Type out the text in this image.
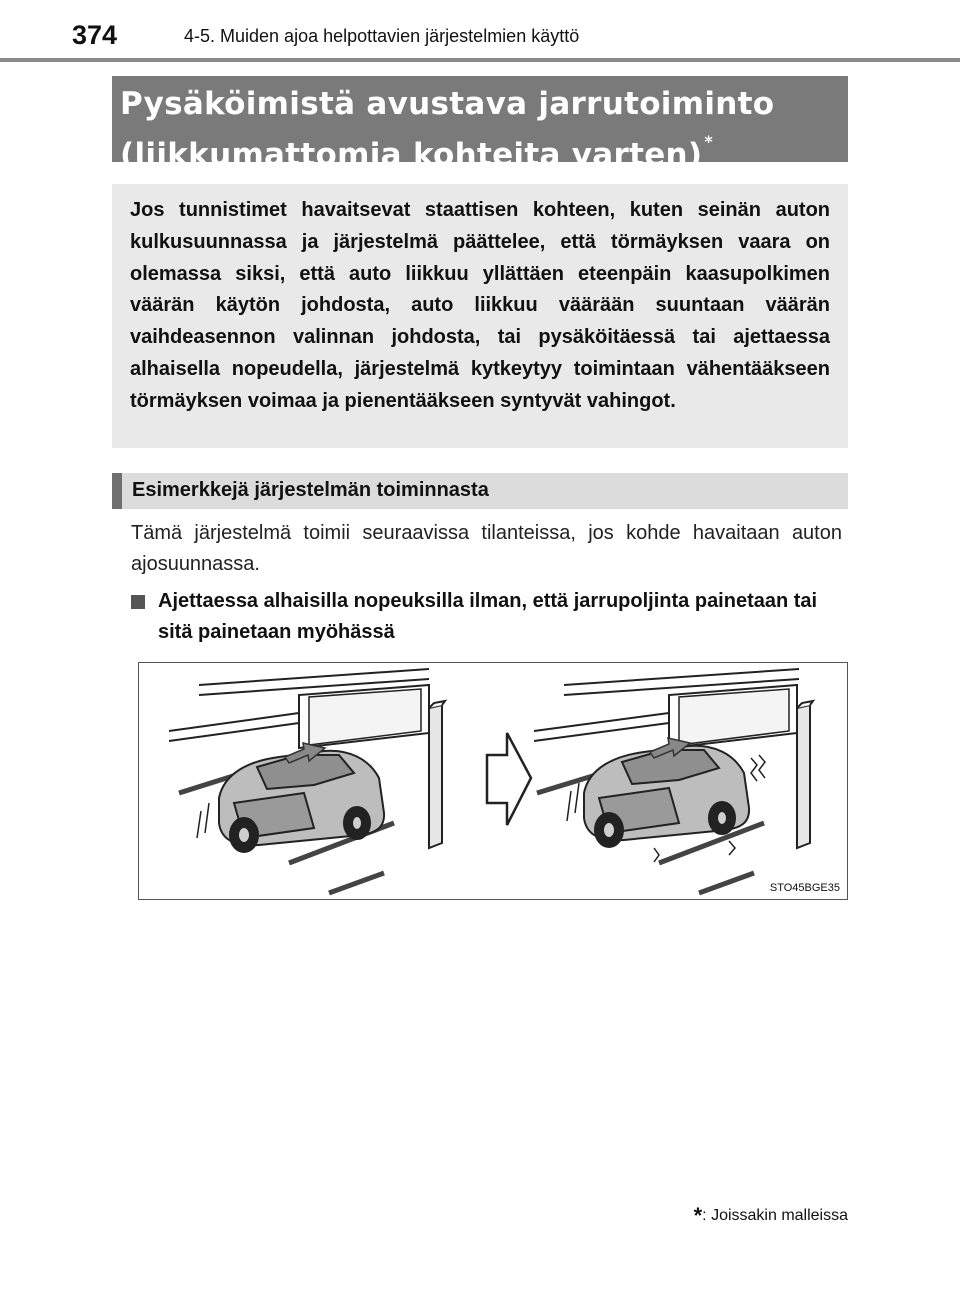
374	4-5. Muiden ajoa helpottavien järjestelmien käyttö
Pysäköimistä avustava jarrutoiminto
(liikkumattomia kohteita varten) *

Jos tunnistimet havaitsevat staattisen kohteen, kuten seinän auton kulkusuunnassa ja järjestelmä päättelee, että törmäyksen vaara on olemassa siksi, että auto liikkuu yllättäen eteenpäin kaasupolkimen väärän käytön johdosta, auto liikkuu väärään suuntaan väärän vaihdeasennon valinnan johdosta, tai pysäköitäessä tai ajettaessa alhaisella nopeudella, järjestelmä kytkeytyy toimintaan vähentääkseen törmäyksen voimaa ja pienentääkseen syntyvät vahingot.

Esimerkkejä järjestelmän toiminnasta

Tämä järjestelmä toimii seuraavissa tilanteissa, jos kohde havaitaan auton ajosuunnassa.

Ajettaessa alhaisilla nopeuksilla ilman, että jarrupoljinta painetaan tai sitä painetaan myöhässä
STO45BGE35
*: Joissakin malleissa
